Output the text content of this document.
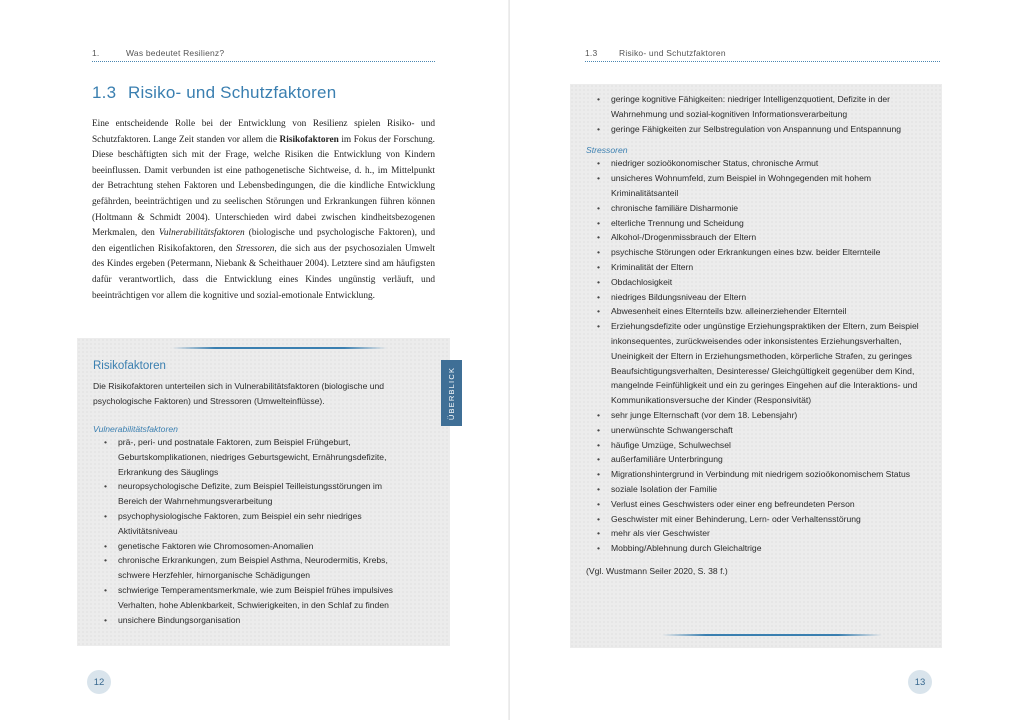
1.	Was bedeutet Resilienz?
1.3 Risiko- und Schutzfaktoren
Eine entscheidende Rolle bei der Entwicklung von Resilienz spielen Risiko- und Schutzfaktoren. Lange Zeit standen vor allem die Risikofaktoren im Fokus der Forschung. Diese beschäftigten sich mit der Frage, welche Risiken die Entwicklung von Kindern beeinflussen. Damit verbunden ist eine pathogenetische Sichtweise, d. h., im Mittelpunkt der Betrachtung stehen Faktoren und Lebensbedingungen, die die kindliche Entwicklung gefährden, beeinträchtigen und zu seelischen Störungen und Erkrankungen führen können (Holtmann & Schmidt 2004). Unterschieden wird dabei zwischen kindheitsbezogenen Merkmalen, den Vulnerabilitätsfaktoren (biologische und psychologische Faktoren), und den eigentlichen Risikofaktoren, den Stressoren, die sich aus der psychosozialen Umwelt des Kindes ergeben (Petermann, Niebank & Scheithauer 2004). Letztere sind am häufigsten dafür verantwortlich, dass die Entwicklung eines Kindes ungünstig verläuft, und beeinträchtigen vor allem die kognitive und sozial-emotionale Entwicklung.
Risikofaktoren
Die Risikofaktoren unterteilen sich in Vulnerabilitätsfaktoren (biologische und psychologische Faktoren) und Stressoren (Umwelteinflüsse).
Vulnerabilitätsfaktoren
• prä-, peri- und postnatale Faktoren, zum Beispiel Frühgeburt, Geburtskomplikationen, niedriges Geburtsgewicht, Ernährungsdefizite, Erkrankung des Säuglings
• neuropsychologische Defizite, zum Beispiel Teilleistungsstörungen im Bereich der Wahrnehmungsverarbeitung
• psychophysiologische Faktoren, zum Beispiel ein sehr niedriges Aktivitätsniveau
• genetische Faktoren wie Chromosomen-Anomalien
• chronische Erkrankungen, zum Beispiel Asthma, Neurodermitis, Krebs, schwere Herzfehler, hirnorganische Schädigungen
• schwierige Temperamentsmerkmale, wie zum Beispiel frühes impulsives Verhalten, hohe Ablenkbarkeit, Schwierigkeiten, in den Schlaf zu finden
• unsichere Bindungsorganisation
ÜBERBLICK
12
1.3	Risiko- und Schutzfaktoren
13
• geringe kognitive Fähigkeiten: niedriger Intelligenzquotient, Defizite in der Wahrnehmung und sozial-kognitiven Informationsverarbeitung
• geringe Fähigkeiten zur Selbstregulation von Anspannung und Entspannung
Stressoren
• niedriger sozioökonomischer Status, chronische Armut
• unsicheres Wohnumfeld, zum Beispiel in Wohngegenden mit hohem Kriminalitätsanteil
• chronische familiäre Disharmonie
• elterliche Trennung und Scheidung
• Alkohol-/Drogenmissbrauch der Eltern
• psychische Störungen oder Erkrankungen eines bzw. beider Elternteile
• Kriminalität der Eltern
• Obdachlosigkeit
• niedriges Bildungsniveau der Eltern
• Abwesenheit eines Elternteils bzw. alleinerziehender Elternteil
• Erziehungsdefizite oder ungünstige Erziehungspraktiken der Eltern, zum Beispiel inkonsequentes, zurückweisendes oder inkonsistentes Erziehungsverhalten, Uneinigkeit der Eltern in Erziehungsmethoden, körperliche Strafen, zu geringes Beaufsichtigungsverhalten, Desinteresse/ Gleichgültigkeit gegenüber dem Kind, mangelnde Feinfühligkeit und ein zu geringes Eingehen auf die Interaktions- und Kommunikationsversuche der Kinder (Responsivität)
• sehr junge Elternschaft (vor dem 18. Lebensjahr)
• unerwünschte Schwangerschaft
• häufige Umzüge, Schulwechsel
• außerfamiliäre Unterbringung
• Migrationshintergrund in Verbindung mit niedrigem sozioökonomischem Status
• soziale Isolation der Familie
• Verlust eines Geschwisters oder einer eng befreundeten Person
• Geschwister mit einer Behinderung, Lern- oder Verhaltensstörung
• mehr als vier Geschwister
• Mobbing/Ablehnung durch Gleichaltrige
(Vgl. Wustmann Seiler 2020, S. 38 f.)
